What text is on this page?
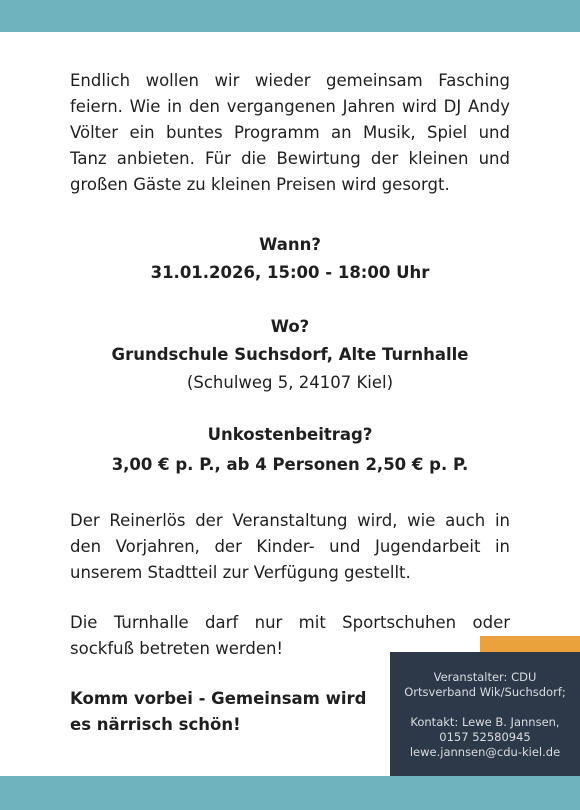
Endlich wollen wir wieder gemeinsam Fasching
feiern. Wie in den vergangenen Jahren wird DJ Andy
Völter ein buntes Programm an Musik, Spiel und
Tanz anbieten. Für die Bewirtung der kleinen und
großen Gäste zu kleinen Preisen wird gesorgt.

Wann?
31.01.2026, 15:00 - 18:00 Uhr
Wo?
Grundschule Suchsdorf, Alte Turnhalle
(Schulweg 5, 24107 Kiel)
Unkostenbeitrag?
3,00 € p. P., ab 4 Personen 2,50 € p. P.

Der Reinerlös der Veranstaltung wird, wie auch in
den Vorjahren, der Kinder- und Jugendarbeit in
unserem Stadtteil zur Verfügung gestellt.

Die Turnhalle darf nur mit Sportschuhen oder
sockfuß betreten werden!

Komm vorbei - Gemeinsam wird
es närrisch schön!

Veranstalter: CDU
Ortsverband Wik/Suchsdorf;
Kontakt: Lewe B. Jannsen,
0157 52580945
lewe.jannsen@cdu-kiel.de
